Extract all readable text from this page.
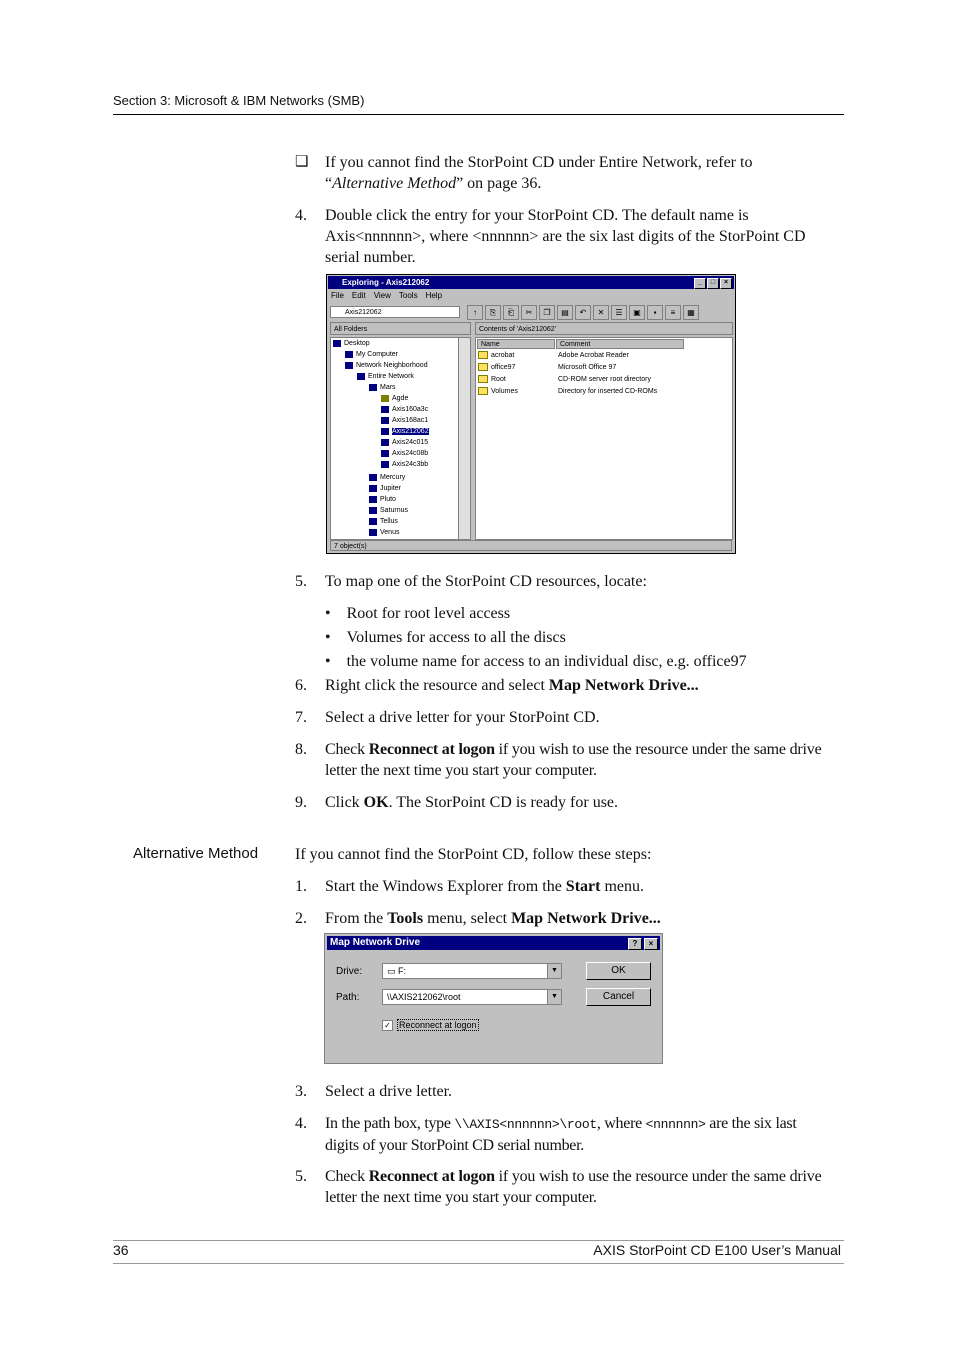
Section 3: Microsoft & IBM Networks (SMB)
❑ If you cannot find the StorPoint CD under Entire Network, refer to
“Alternative Method” on page 36.
4. Double click the entry for your StorPoint CD. The default name is
Axis<nnnnnn>, where <nnnnnn> are the six last digits of the StorPoint CD
serial number.
Exploring - Axis212062	_	□	×
File Edit View Tools Help
Axis212062	↑	⎘	⎗	✂	❐	▤	↶	✕	☰	▣	▪	≡	▦
All Folders	Contents of 'Axis212062'
Desktop
My Computer
Network Neighborhood
Entire Network
Mars
Agde
Axis160a3c
Axis168ac1
Axis212062
Axis24c015
Axis24c08b
Axis24c3bb
Mercury
Jupiter
Pluto
Saturnus
Tellus
Venus
Name	Comment
acrobat	Adobe Acrobat Reader
office97	Microsoft Office 97
Root	CD-ROM server root directory
Volumes	Directory for inserted CD-ROMs
7 object(s)
5. To map one of the StorPoint CD resources, locate:
•    Root for root level access
•    Volumes for access to all the discs
•    the volume name for access to an individual disc, e.g. office97
6. Right click the resource and select Map Network Drive...
7. Select a drive letter for your StorPoint CD.
8. Check Reconnect at logon if you wish to use the resource under the same drive
letter the next time you start your computer.
9. Click OK. The StorPoint CD is ready for use.
Alternative Method If you cannot find the StorPoint CD, follow these steps:
1. Start the Windows Explorer from the Start menu.
2. From the Tools menu, select Map Network Drive...
Map Network Drive	?	×
Drive:	▭ F:	▼
Path:	\\AXIS212062\root	▼
OK
Cancel
✓ Reconnect at logon
3. Select a drive letter.
4. In the path box, type \\AXIS<nnnnnn>\root, where <nnnnnn> are the six last
digits of your StorPoint CD serial number.
5. Check Reconnect at logon if you wish to use the resource under the same drive
letter the next time you start your computer.
36	AXIS StorPoint CD E100 User’s Manual
